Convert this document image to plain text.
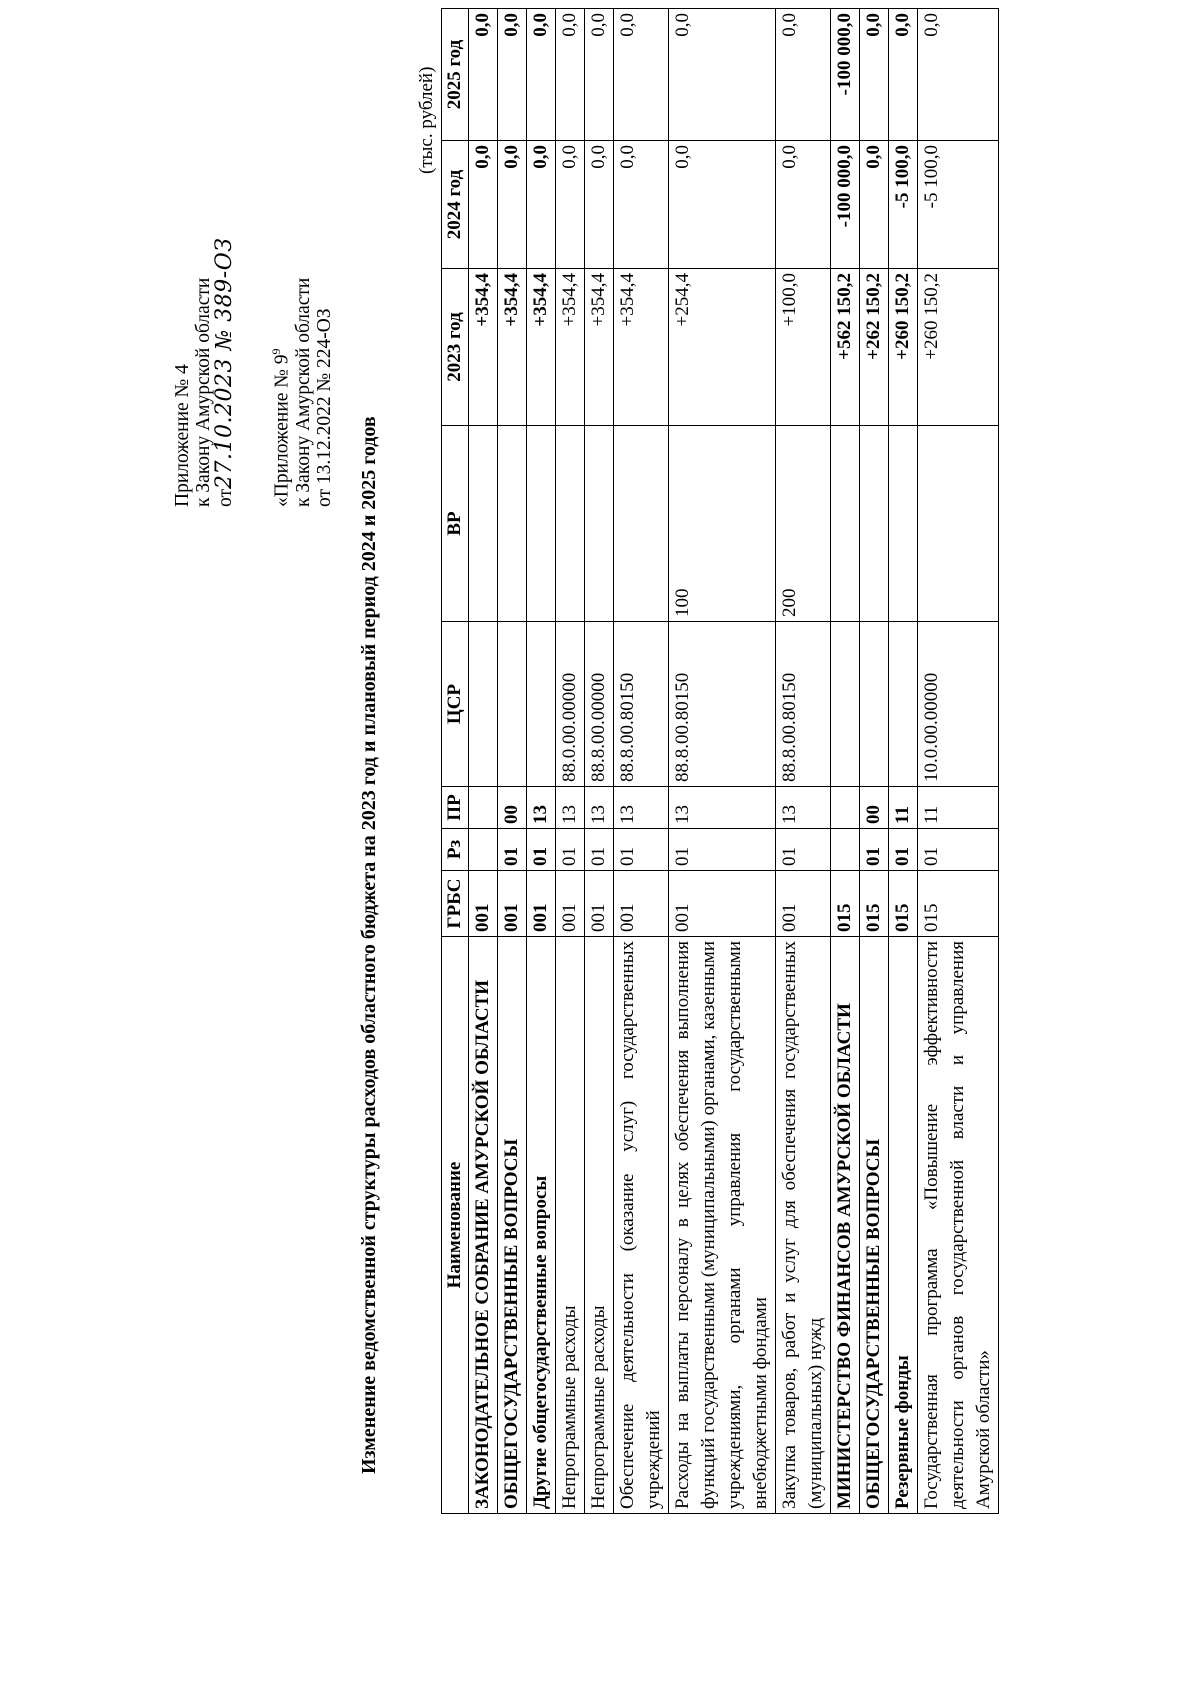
Приложение № 4 к Закону Амурской области от27.10.2023 № 389-ОЗ «Приложение № $9^9$ к Закону Амурской области от 13.12.2022 № 224-ОЗ
Изменение ведомственной структуры расходов областного бюджета на 2023 год и плановый период 2024 и 2025 годов
(тыс. рублей)
Наименование	ГРБС	Рз	ПР	ЦСР	ВР	2023 год	2024 год	2025 год
ЗАКОНОДАТЕЛЬНОЕ СОБРАНИЕ АМУРСКОЙ ОБЛАСТИ	001					+354,4	0,0	0,0
ОБЩЕГОСУДАРСТВЕННЫЕ ВОПРОСЫ	001	01	00			+354,4	0,0	0,0
Другие общегосударственные вопросы	001	01	13			+354,4	0,0	0,0
Непрограммные расходы	001	01	13	88.0.00.00000		+354,4	0,0	0,0
Непрограммные расходы	001	01	13	88.8.00.00000		+354,4	0,0	0,0
Обеспечение деятельности (оказание услуг) государственных учреждений	001	01	13	88.8.00.80150		+354,4	0,0	0,0
Расходы на выплаты персоналу в целях обеспечения выполнения функций государственными (муниципальными) органами, казенными учреждениями, органами управления государственными внебюджетными фондами	001	01	13	88.8.00.80150	100	+254,4	0,0	0,0
Закупка товаров, работ и услуг для обеспечения государственных (муниципальных) нужд	001	01	13	88.8.00.80150	200	+100,0	0,0	0,0
МИНИСТЕРСТВО ФИНАНСОВ АМУРСКОЙ ОБЛАСТИ	015					+562 150,2	-100 000,0	-100 000,0
ОБЩЕГОСУДАРСТВЕННЫЕ ВОПРОСЫ	015	01	00			+262 150,2	0,0	0,0
Резервные фонды	015	01	11			+260 150,2	-5 100,0	0,0
Государственная программа «Повышение эффективности деятельности органов государственной власти и управления Амурской области»	015	01	11	10.0.00.00000		+260 150,2	-5 100,0	0,0
